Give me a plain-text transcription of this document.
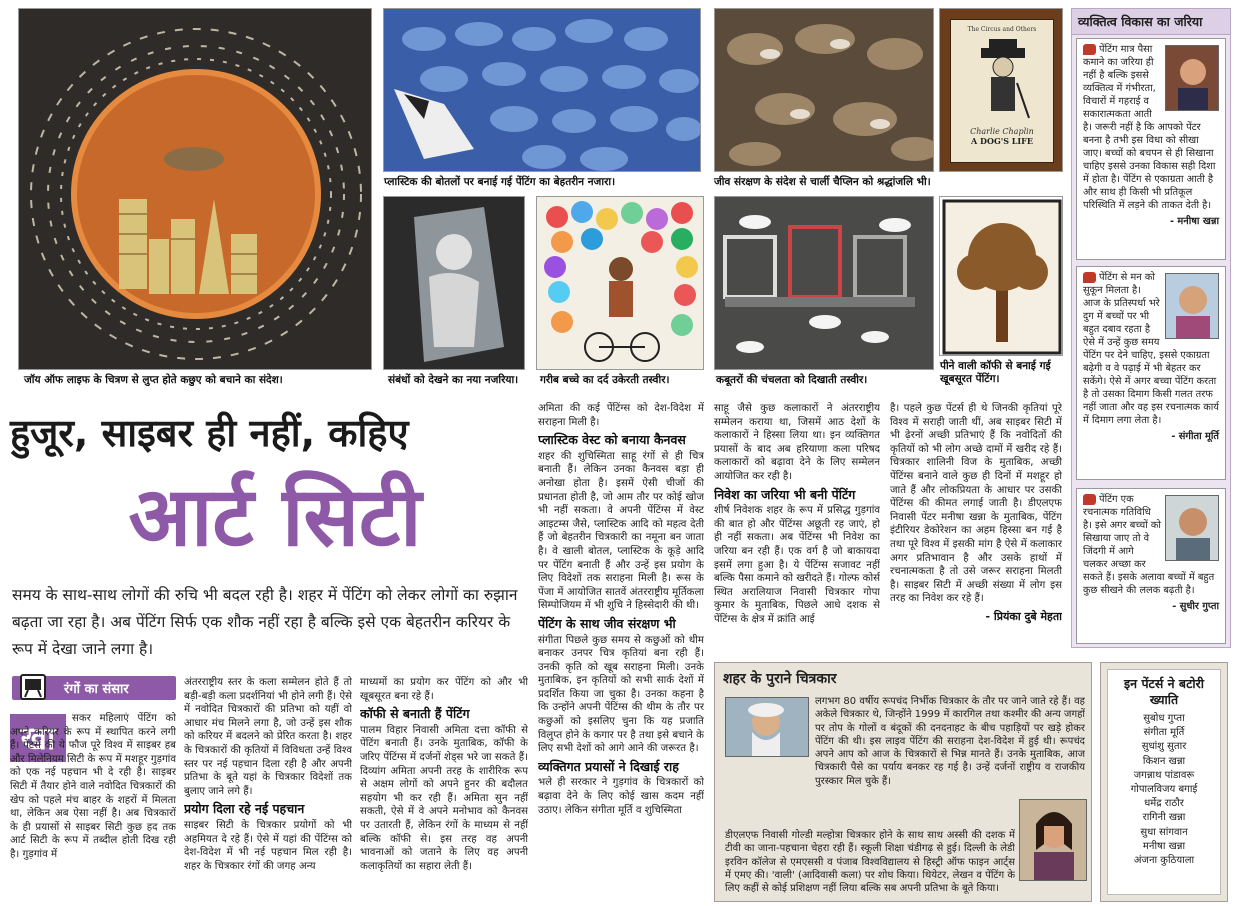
जॉय ऑफ लाइफ के चित्रण से लुप्त होते कछुए को बचाने का संदेश।
प्लास्टिक की बोतलों पर बनाई गई पेंटिंग का बेहतरीन नजारा।	जीव संरक्षण के संदेश से चार्ली चैप्लिन को श्रद्धांजलि भी।
The Circus and Others
Charlie Chaplin
A DOG'S LIFE
संबंधों को देखने का नया नजरिया।	गरीब बच्चे का दर्द उकेरती तस्वीर।	कबूतरों की चंचलता को दिखाती तस्वीर।
पीने वाली कॉफी से बनाई गई खूबसूरत पेंटिंग।
व्यक्तित्व विकास का जरिया
पेंटिंग मात्र पैसा कमाने का जरिया ही नहीं है बल्कि इससे व्यक्तित्व में गंभीरता, विचारों में गहराई व सकारात्मकता आती है। जरूरी नहीं है कि आपको पेंटर बनना है तभी इस विधा को सीखा जाए। बच्चों को बचपन से ही सिखाना चाहिए इससे उनका विकास सही दिशा में होता है। पेंटिंग से एकाग्रता आती है और साथ ही किसी भी प्रतिकूल परिस्थिति में लड़ने की ताकत देती है।
- मनीषा खन्ना
पेंटिंग से मन को सुकून मिलता है। आज के प्रतिस्पर्धा भरे दुग में बच्चों पर भी बहुत दबाव रहता है ऐसे में उन्हें कुछ समय पेंटिंग पर देने चाहिए, इससे एकाग्रता बढ़ेगी व वे पढ़ाई में भी बेहतर कर सकेंगे। ऐसे में अगर बच्चा पेंटिंग करता है तो उसका दिमाग किसी गलत तरफ नहीं जाता और वह इस रचनात्मक कार्य में दिमाग लगा लेता है।
- संगीता मूर्ति
पेंटिंग एक रचनात्मक गतिविधि है। इसे अगर बच्चों को सिखाया जाए तो वे जिंदगी में आगे चलकर अच्छा कर सकते हैं। इसके अलावा बच्चों में बहुत कुछ सीखने की ललक बढ़ती है।
- सुधीर गुप्ता
हुजूर, साइबर ही नहीं, कहिए
आर्ट सिटी
समय के साथ-साथ लोगों की रुचि भी बदल रही है। शहर में पेंटिंग को लेकर लोगों का रुझान बढ़ता जा रहा है। अब पेंटिंग सिर्फ एक शौक नहीं रहा है बल्कि इसे एक बेहतरीन करियर के रूप में देखा जाने लगा है।
रंगों का संसार
खा
सकर महिलाएं पेंटिंग को अपने करियर के रूप में स्थापित करने लगी हैं। पेंटर्स की ये फौज पूरे विश्व में साइबर हब और मिलेनियम सिटी के रूप में मशहूर गुड़गांव को एक नई पहचान भी दे रही है। साइबर सिटी में तैयार होने वाले नवोदित चित्रकारों की खेप को पहले मंच बाहर के शहरों में मिलता था, लेकिन अब ऐसा नहीं है। अब चित्रकारों के ही प्रयासों से साइबर सिटी कुछ हद तक आर्ट सिटी के रूप में तब्दील होती दिख रही है। गुड़गांव में
अंतरराष्ट्रीय स्तर के कला सम्मेलन होते हैं तो बड़ी-बड़ी कला प्रदर्शनियां भी होने लगी हैं। ऐसे में नवोदित चित्रकारों की प्रतिभा को यहीं वो आधार मंच मिलने लगा है, जो उन्हें इस शौक को करियर में बदलने को प्रेरित करता है। शहर के चित्रकारों की कृतियों में विविधता उन्हें विश्व स्तर पर नई पहचान दिला रही है और अपनी प्रतिभा के बूते यहां के चित्रकार विदेशों तक बुलाए जाने लगे हैं।
प्रयोग दिला रहे नई पहचान
साइबर सिटी के चित्रकार प्रयोगों को भी अहमियत दे रहे हैं। ऐसे में यहां की पेंटिंग्स को देश-विदेश में भी नई पहचान मिल रही है। शहर के चित्रकार रंगों की जगह अन्य
माध्यमों का प्रयोग कर पेंटिंग को और भी खूबसूरत बना रहे हैं।
कॉफी से बनाती हैं पेंटिंग
पालम विहार निवासी अमिता दत्ता कॉफी से पेंटिंग बनाती हैं। उनके मुताबिक, कॉफी के जरिए पेंटिंग्स में दर्जनों शेड्स भरे जा सकते हैं। दिव्यांग अमिता अपनी तरह के शारीरिक रूप से अक्षम लोगों को अपने हुनर की बदौलत सहयोग भी कर रही हैं। अमिता सुन नहीं सकती, ऐसे में वे अपने मनोभाव को कैनवस पर उतारती हैं, लेकिन रंगों के माध्यम से नहीं बल्कि कॉफी से। इस तरह वह अपनी भावनाओं को जताने के लिए वह अपनी कलाकृतियों का सहारा लेती हैं।
अमिता की कई पेंटिंग्स को देश-विदेश में सराहना मिली है।
प्लास्टिक वेस्ट को बनाया कैनवस
शहर की शुचिस्मिता साहू रंगों से ही चित्र बनाती हैं। लेकिन उनका कैनवस बड़ा ही अनोखा होता है। इसमें ऐसी चीजों की प्रधानता होती है, जो आम तौर पर कोई खोज भी नहीं सकता। वे अपनी पेंटिंग्स में वेस्ट आइटम्स जैसे, प्लास्टिक आदि को महत्व देती हैं जो बेहतरीन चित्रकारी का नमूना बन जाता है। वे खाली बोतल, प्लास्टिक के कूड़े आदि पर पेंटिंग बनाती हैं और उन्हें इस प्रयोग के लिए विदेशों तक सराहना मिली है। रूस के पेंजा में आयोजित सातवें अंतरराष्ट्रीय मूर्तिकला सिम्पोजियम में भी शुचि ने हिस्सेदारी की थी।
पेंटिंग के साथ जीव संरक्षण भी
संगीता पिछले कुछ समय से कछुओं को थीम बनाकर उनपर चित्र कृतियां बना रही हैं। उनकी कृति को खूब सराहना मिली। उनके मुताबिक, इन कृतियों को सभी सार्क देशों में प्रदर्शित किया जा चुका है। उनका कहना है कि उन्होंने अपनी पेंटिंग्स की थीम के तौर पर कछुओं को इसलिए चुना कि यह प्रजाति विलुप्त होने के कगार पर है तथा इसे बचाने के लिए सभी देशों को आगे आने की जरूरत है।
व्यक्तिगत प्रयासों ने दिखाई राह
भले ही सरकार ने गुड़गांव के चित्रकारों को बढ़ावा देने के लिए कोई खास कदम नहीं उठाए। लेकिन संगीता मूर्ति व शुचिस्मिता
साहू जैसे कुछ कलाकारों ने अंतरराष्ट्रीय सम्मेलन कराया था, जिसमें आठ देशों के कलाकारों ने हिस्सा लिया था। इन व्यक्तिगत प्रयासों के बाद अब हरियाणा कला परिषद कलाकारों को बढ़ावा देने के लिए सम्मेलन आयोजित कर रही है।
निवेश का जरिया भी बनी पेंटिंग
शीर्ष निवेशक शहर के रूप में प्रसिद्ध गुड़गांव की बात हो और पेंटिंग्स अछूती रह जाएं, हो ही नहीं सकता। अब पेंटिंग्स भी निवेश का जरिया बन रही हैं। एक वर्ग है जो बाकायदा इसमें लगा हुआ है। ये पेंटिंग्स सजावट नहीं बल्कि पैसा कमाने को खरीदते हैं। गोल्फ कोर्स स्थित अरालियाज निवासी चित्रकार गोपा कुमार के मुताबिक, पिछले आधे दशक से पेंटिंग्स के क्षेत्र में क्रांति आई
है। पहले कुछ पेंटर्स ही थे जिनकी कृतियां पूरे विश्व में सराही जाती थीं, अब साइबर सिटी में भी ढ़ेरनों अच्छी प्रतिभाएं हैं कि नवोदितों की कृतियों को भी लोग अच्छे दामों में खरीद रहे हैं। चित्रकार शालिनी विज के मुताबिक, अच्छी पेंटिंग्स बनाने वाले कुछ ही दिनों में मशहूर हो जाते हैं और लोकप्रियता के आधार पर उसकी पेंटिंग्स की कीमत लगाई जाती है। डीएलएफ निवासी पेंटर मनीषा खन्ना के मुताबिक, पेंटिंग इंटीरियर डेकोरेशन का अहम हिस्सा बन गई है तथा पूरे विश्व में इसकी मांग है ऐसे में कलाकार अगर प्रतिभावान है और उसके हाथों में रचनात्मकता है तो उसे जरूर सराहना मिलती है। साइबर सिटी में अच्छी संख्या में लोग इस तरह का निवेश कर रहे हैं।
- प्रियंका दुबे मेहता
शहर के पुराने चित्रकार
लगभग 80 वर्षीय रूपचंद निर्भीक चित्रकार के तौर पर जाने जाते रहे हैं। वह अकेले चित्रकार थे, जिन्होंने 1999 में कारगिल तथा कश्मीर की अन्य जगहों पर तोप के गोलों व बंदूकों की दनदनाहट के बीच पहाड़ियों पर खड़े होकर पेंटिंग की थी। इस लाइव पेंटिंग की सराहना देश-विदेश में हुई थी। रूपचंद अपने आप को आज के चित्रकारों से भिन्न मानते हैं। उनके मुताबिक, आज चित्रकारी पैसे का पर्याय बनकर रह गई है। उन्हें दर्जनों राष्ट्रीय व राजकीय पुरस्कार मिल चुके हैं।
डीएलएफ निवासी गोल्डी मल्होत्रा चित्रकार होने के साथ साथ अस्सी की दशक में टीवी का जाना-पहचाना चेहरा रही हैं। स्कूली शिक्षा चंडीगढ़ से हुई। दिल्ली के लेडी इरविन कॉलेज से एमएससी व पंजाब विश्वविद्यालय से हिस्ट्री ऑफ फाइन आर्ट्स में एमए की। 'वाली' (आदिवासी कला) पर शोध किया। थियेटर, लेखन व पेंटिंग के लिए कहीं से कोई प्रशिक्षण नहीं लिया बल्कि सब अपनी प्रतिभा के बूते किया।
इन पेंटर्स ने बटोरी ख्याति
सुबोध गुप्ता
संगीता मूर्ति
सुधांशु सुतार
किशन खन्ना
जगन्नाथ पांडावरू
गोपालविजय बगाई
धर्मेद्र राठौर
रागिनी खन्ना
सुधा सांगवान
मनीषा खन्ना
अंजना कुठियाला
